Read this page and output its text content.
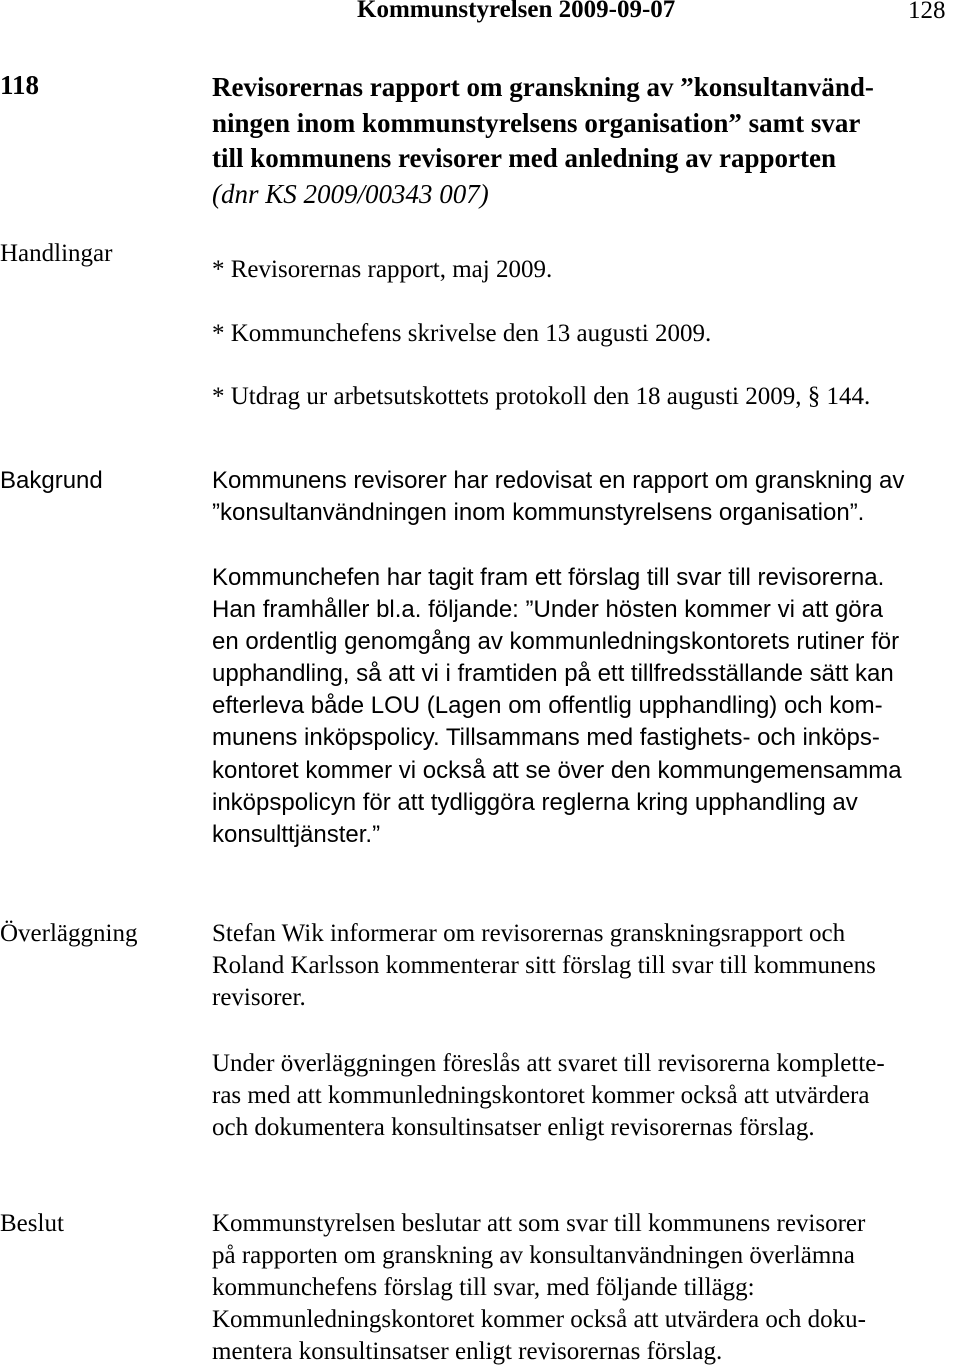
Kommunstyrelsen 2009-09-07	128
118	Revisorernas rapport om granskning av ”konsultanvänd-
ningen inom kommunstyrelsens organisation” samt svar
till kommunens revisorer med anledning av rapporten
(dnr KS 2009/00343 007)
Handlingar
* Revisorernas rapport, maj 2009.
* Kommunchefens skrivelse den 13 augusti 2009.
* Utdrag ur arbetsutskottets protokoll den 18 augusti 2009, § 144.
Bakgrund	Kommunens revisorer har redovisat en rapport om granskning av
”konsultanvändningen inom kommunstyrelsens organisation”.
Kommunchefen har tagit fram ett förslag till svar till revisorerna.
Han framhåller bl.a. följande: ”Under hösten kommer vi att göra
en ordentlig genomgång av kommunledningskontorets rutiner för
upphandling, så att vi i framtiden på ett tillfredsställande sätt kan
efterleva både LOU (Lagen om offentlig upphandling) och kom-
munens inköpspolicy. Tillsammans med fastighets- och inköps-
kontoret kommer vi också att se över den kommungemensamma
inköpspolicyn för att tydliggöra reglerna kring upphandling av
konsulttjänster.”
Överläggning	Stefan Wik informerar om revisorernas granskningsrapport och
Roland Karlsson kommenterar sitt förslag till svar till kommunens
revisorer.
Under överläggningen föreslås att svaret till revisorerna komplette-
ras med att kommunledningskontoret kommer också att utvärdera
och dokumentera konsultinsatser enligt revisorernas förslag.
Beslut	Kommunstyrelsen beslutar att som svar till kommunens revisorer
på rapporten om granskning av konsultanvändningen överlämna
kommunchefens förslag till svar, med följande tillägg:
Kommunledningskontoret kommer också att utvärdera och doku-
mentera konsultinsatser enligt revisorernas förslag.
